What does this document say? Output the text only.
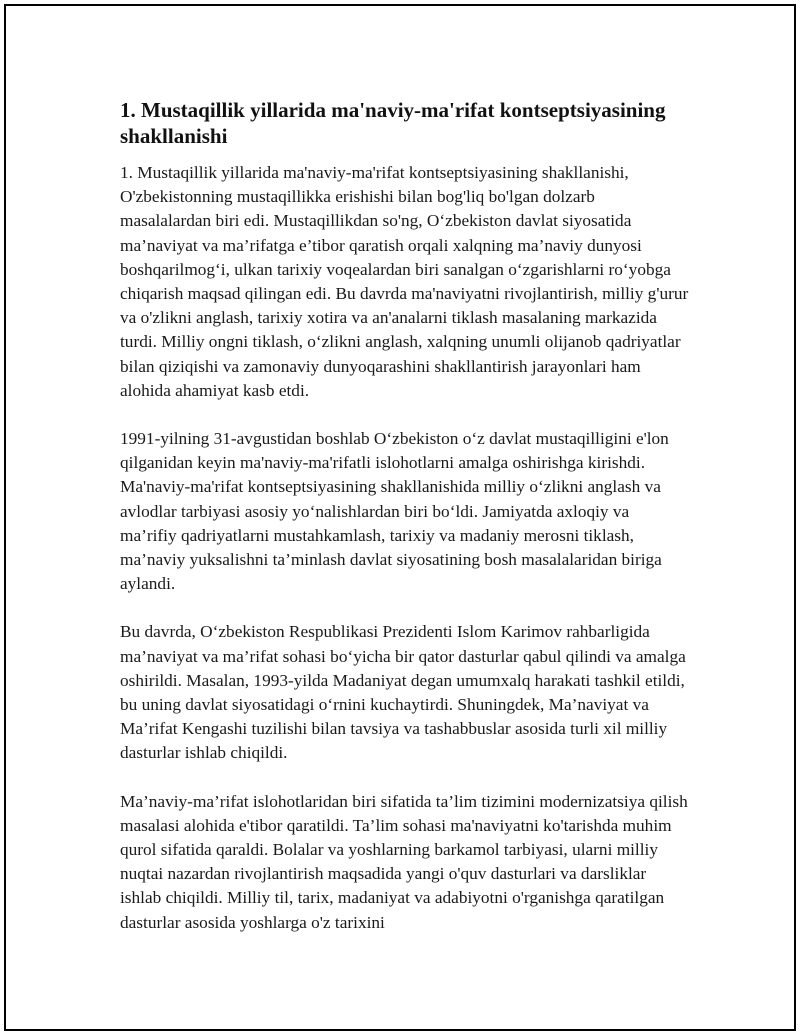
1. Mustaqillik yillarida ma'naviy-ma'rifat kontseptsiyasining shakllanishi

1. Mustaqillik yillarida ma'naviy-ma'rifat kontseptsiyasining shakllanishi, O'zbekistonning mustaqillikka erishishi bilan bog'liq bo'lgan dolzarb masalalardan biri edi. Mustaqillikdan so'ng, O‘zbekiston davlat siyosatida ma’naviyat va ma’rifatga e’tibor qaratish orqali xalqning ma’naviy dunyosi boshqarilmog‘i, ulkan tarixiy voqealardan biri sanalgan o‘zgarishlarni ro‘yobga chiqarish maqsad qilingan edi. Bu davrda ma'naviyatni rivojlantirish, milliy g'urur va o'zlikni anglash, tarixiy xotira va an'analarni tiklash masalaning markazida turdi. Milliy ongni tiklash, o‘zlikni anglash, xalqning unumli olijanob qadriyatlar bilan qiziqishi va zamonaviy dunyoqarashini shakllantirish jarayonlari ham alohida ahamiyat kasb etdi.

1991-yilning 31-avgustidan boshlab O‘zbekiston o‘z davlat mustaqilligini e'lon qilganidan keyin ma'naviy-ma'rifatli islohotlarni amalga oshirishga kirishdi. Ma'naviy-ma'rifat kontseptsiyasining shakllanishida milliy o‘zlikni anglash va avlodlar tarbiyasi asosiy yo‘nalishlardan biri bo‘ldi. Jamiyatda axloqiy va ma’rifiy qadriyatlarni mustahkamlash, tarixiy va madaniy merosni tiklash, ma’naviy yuksalishni ta’minlash davlat siyosatining bosh masalalaridan biriga aylandi.

Bu davrda, O‘zbekiston Respublikasi Prezidenti Islom Karimov rahbarligida ma’naviyat va ma’rifat sohasi bo‘yicha bir qator dasturlar qabul qilindi va amalga oshirildi. Masalan, 1993-yilda Madaniyat degan umumxalq harakati tashkil etildi, bu uning davlat siyosatidagi o‘rnini kuchaytirdi. Shuningdek, Ma’naviyat va Ma’rifat Kengashi tuzilishi bilan tavsiya va tashabbuslar asosida turli xil milliy dasturlar ishlab chiqildi.

Ma’naviy-ma’rifat islohotlaridan biri sifatida ta’lim tizimini modernizatsiya qilish masalasi alohida e'tibor qaratildi. Ta’lim sohasi ma'naviyatni ko'tarishda muhim qurol sifatida qaraldi. Bolalar va yoshlarning barkamol tarbiyasi, ularni milliy nuqtai nazardan rivojlantirish maqsadida yangi o'quv dasturlari va darsliklar ishlab chiqildi. Milliy til, tarix, madaniyat va adabiyotni o'rganishga qaratilgan dasturlar asosida yoshlarga o'z tarixini
